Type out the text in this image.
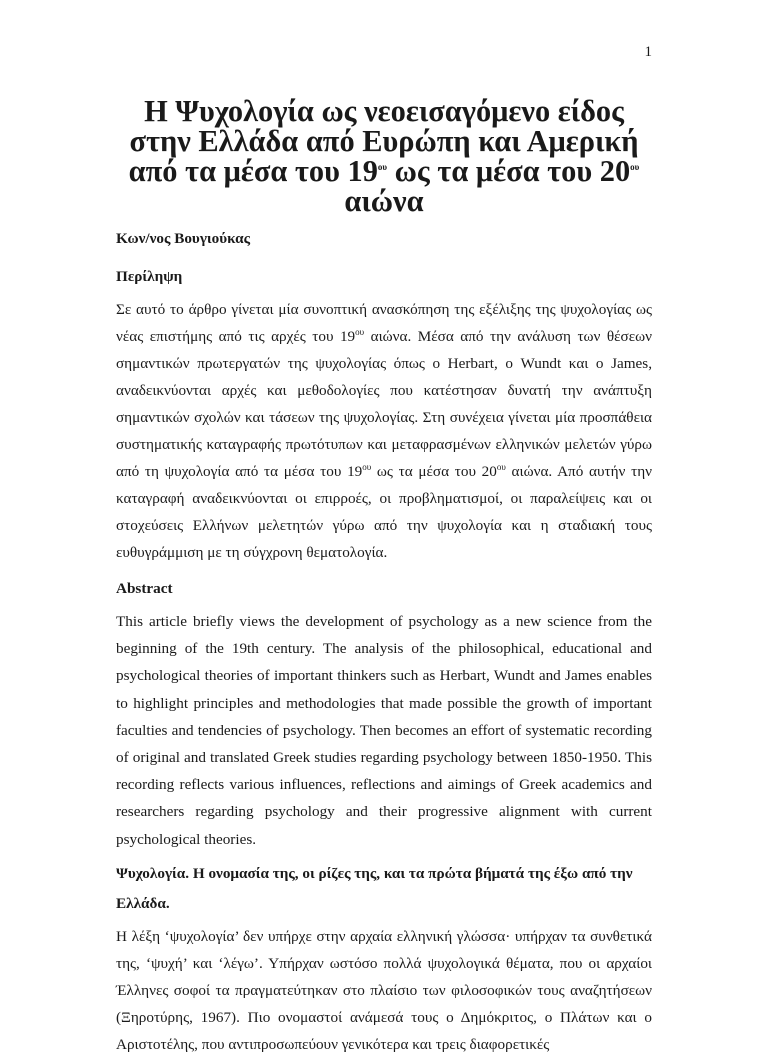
1

Η Ψυχολογία ως νεοεισαγόμενο είδος στην Ελλάδα από Ευρώπη και Αμερική
από τα μέσα του $19^{o\upsilon}$ ως τα μέσα του $20^{o\upsilon}$ αιώνα

Κων/νος Βουγιούκας

Περίληψη

Σε αυτό το άρθρο γίνεται μία συνοπτική ανασκόπηση της εξέλιξης της ψυχολογίας ως νέας επιστήμης από τις αρχές του $19^{o\upsilon}$ αιώνα. Μέσα από την ανάλυση των θέσεων σημαντικών πρωτεργατών της ψυχολογίας όπως ο Herbart, ο Wundt και ο James, αναδεικνύονται αρχές και μεθοδολογίες που κατέστησαν δυνατή την ανάπτυξη σημαντικών σχολών και τάσεων της ψυχολογίας. Στη συνέχεια γίνεται μία προσπάθεια συστηματικής καταγραφής πρωτότυπων και μεταφρασμένων ελληνικών μελετών γύρω από τη ψυχολογία από τα μέσα του $19^{o\upsilon}$ ως τα μέσα του $20^{o\upsilon}$ αιώνα. Από αυτήν την καταγραφή αναδεικνύονται οι επιρροές, οι προβληματισμοί, οι παραλείψεις και οι στοχεύσεις Ελλήνων μελετητών γύρω από την ψυχολογία και η σταδιακή τους ευθυγράμμιση με τη σύγχρονη θεματολογία.

Abstract

This article briefly views the development of psychology as a new science from the beginning of the 19th century. The analysis of the philosophical, educational and psychological theories of important thinkers such as Herbart, Wundt and James enables to highlight principles and methodologies that made possible the growth of important faculties and tendencies of psychology. Then becomes an effort of systematic recording of original and translated Greek studies regarding psychology between 1850-1950. This recording reflects various influences, reflections and aimings of Greek academics and researchers regarding psychology and their progressive alignment with current psychological theories.

Ψυχολογία. Η ονομασία της, οι ρίζες της, και τα πρώτα βήματά της έξω από την Ελλάδα.

Η λέξη ‘ψυχολογία’ δεν υπήρχε στην αρχαία ελληνική γλώσσα· υπήρχαν τα συνθετικά της, ‘ψυχή’ και ‘λέγω’. Υπήρχαν ωστόσο πολλά ψυχολογικά θέματα, που οι αρχαίοι Έλληνες σοφοί τα πραγματεύτηκαν στο πλαίσιο των φιλοσοφικών τους αναζητήσεων (Ξηροτύρης, 1967). Πιο ονομαστοί ανάμεσά τους ο Δημόκριτος, ο Πλάτων και ο Αριστοτέλης, που αντιπροσωπεύουν γενικότερα και τρεις διαφορετικές
